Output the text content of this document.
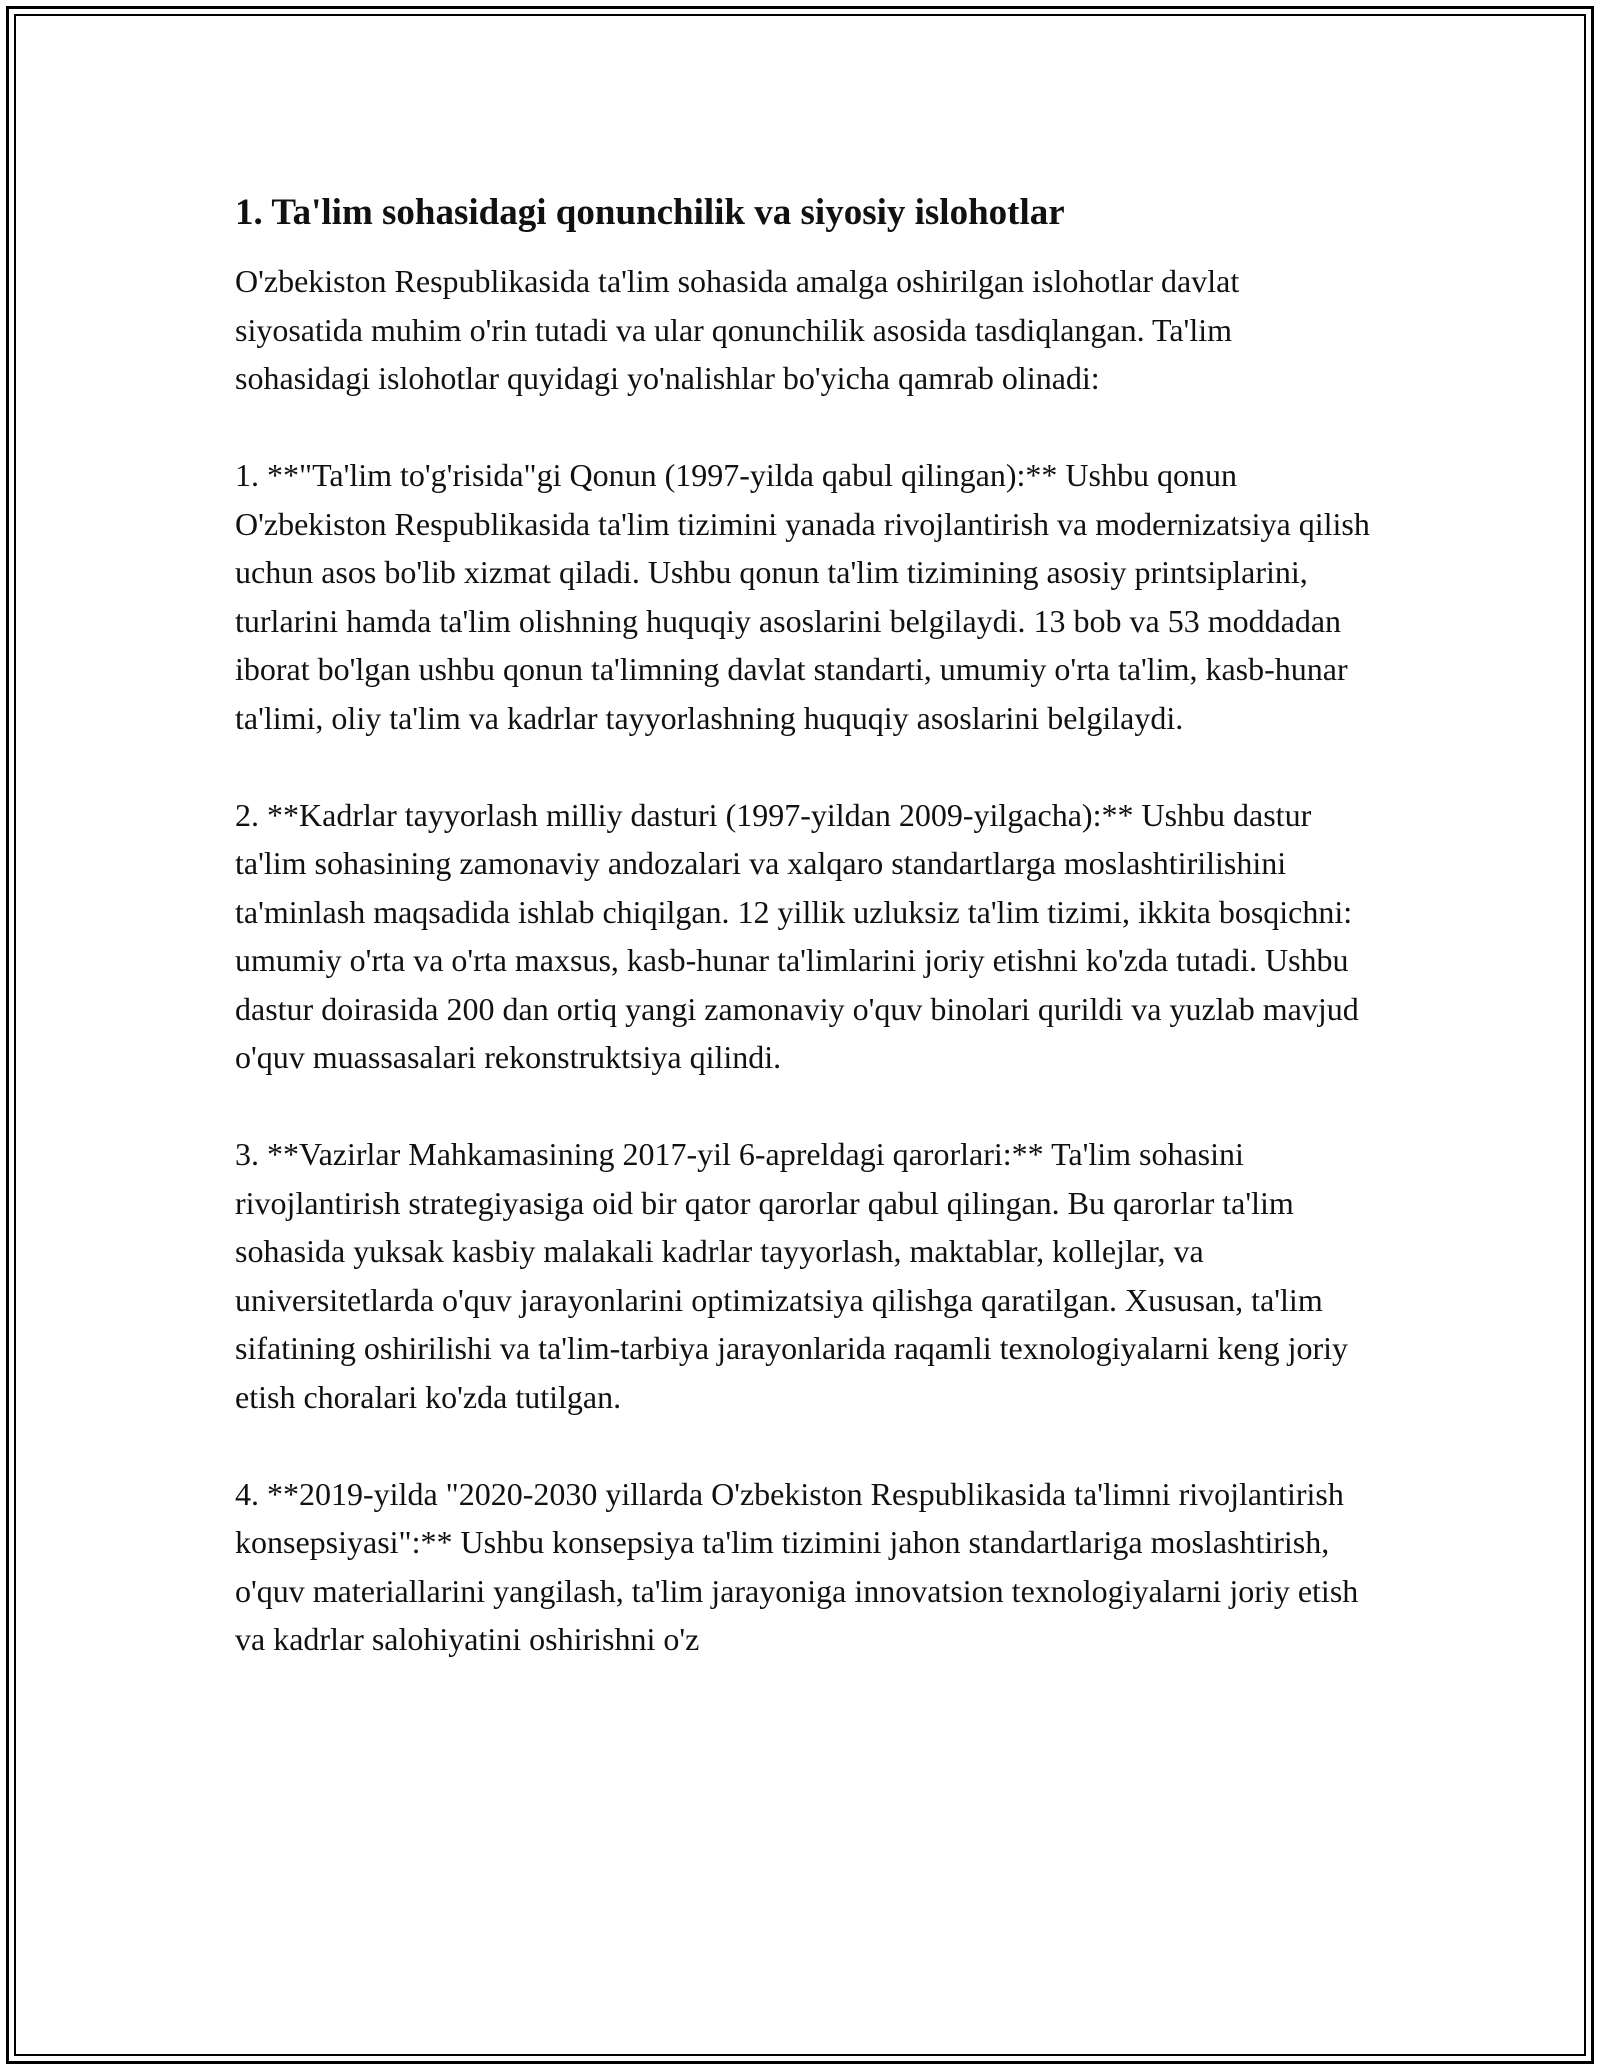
1. Ta'lim sohasidagi qonunchilik va siyosiy islohotlar

O'zbekiston Respublikasida ta'lim sohasida amalga oshirilgan islohotlar davlat siyosatida muhim o'rin tutadi va ular qonunchilik asosida tasdiqlangan. Ta'lim sohasidagi islohotlar quyidagi yo'nalishlar bo'yicha qamrab olinadi:

1. **"Ta'lim to'g'risida"gi Qonun (1997-yilda qabul qilingan):** Ushbu qonun O'zbekiston Respublikasida ta'lim tizimini yanada rivojlantirish va modernizatsiya qilish uchun asos bo'lib xizmat qiladi. Ushbu qonun ta'lim tizimining asosiy printsiplarini, turlarini hamda ta'lim olishning huquqiy asoslarini belgilaydi. 13 bob va 53 moddadan iborat bo'lgan ushbu qonun ta'limning davlat standarti, umumiy o'rta ta'lim, kasb-hunar ta'limi, oliy ta'lim va kadrlar tayyorlashning huquqiy asoslarini belgilaydi.

2. **Kadrlar tayyorlash milliy dasturi (1997-yildan 2009-yilgacha):** Ushbu dastur ta'lim sohasining zamonaviy andozalari va xalqaro standartlarga moslashtirilishini ta'minlash maqsadida ishlab chiqilgan. 12 yillik uzluksiz ta'lim tizimi, ikkita bosqichni: umumiy o'rta va o'rta maxsus, kasb-hunar ta'limlarini joriy etishni ko'zda tutadi. Ushbu dastur doirasida 200 dan ortiq yangi zamonaviy o'quv binolari qurildi va yuzlab mavjud o'quv muassasalari rekonstruktsiya qilindi.

3. **Vazirlar Mahkamasining 2017-yil 6-apreldagi qarorlari:** Ta'lim sohasini rivojlantirish strategiyasiga oid bir qator qarorlar qabul qilingan. Bu qarorlar ta'lim sohasida yuksak kasbiy malakali kadrlar tayyorlash, maktablar, kollejlar, va universitetlarda o'quv jarayonlarini optimizatsiya qilishga qaratilgan. Xususan, ta'lim sifatining oshirilishi va ta'lim-tarbiya jarayonlarida raqamli texnologiyalarni keng joriy etish choralari ko'zda tutilgan.

4. **2019-yilda "2020-2030 yillarda O'zbekiston Respublikasida ta'limni rivojlantirish konsepsiyasi":** Ushbu konsepsiya ta'lim tizimini jahon standartlariga moslashtirish, o'quv materiallarini yangilash, ta'lim jarayoniga innovatsion texnologiyalarni joriy etish va kadrlar salohiyatini oshirishni o'z
